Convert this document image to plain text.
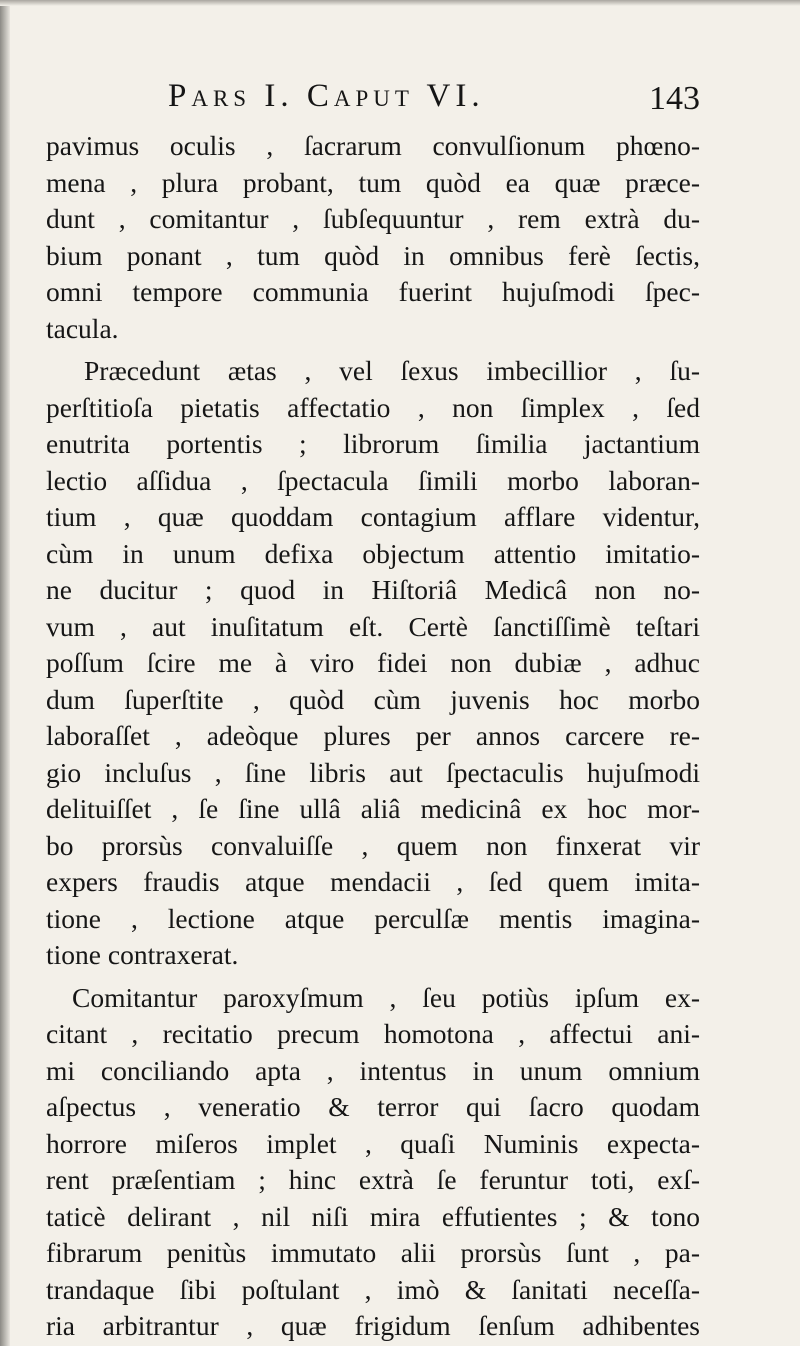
Pars I. Caput VI.	143
pavimus oculis , ſacrarum convulſionum phœno-
mena , plura probant, tum quòd ea quæ præce-
dunt , comitantur , ſubſequuntur , rem extrà du-
bium ponant , tum quòd in omnibus ferè ſectis,
omni tempore communia fuerint hujuſmodi ſpec-
tacula.
Præcedunt ætas , vel ſexus imbecillior , ſu-
perſtitioſa pietatis affectatio , non ſimplex , ſed
enutrita portentis ; librorum ſimilia jactantium
lectio aſſidua , ſpectacula ſimili morbo laboran-
tium , quæ quoddam contagium afflare videntur,
cùm in unum defixa objectum attentio imitatio-
ne ducitur ; quod in Hiſtoriâ Medicâ non no-
vum , aut inuſitatum eſt. Certè ſanctiſſimè teſtari
poſſum ſcire me à viro fidei non dubiæ , adhuc
dum ſuperſtite , quòd cùm juvenis hoc morbo
laboraſſet , adeòque plures per annos carcere re-
gio incluſus , ſine libris aut ſpectaculis hujuſmodi
delituiſſet , ſe ſine ullâ aliâ medicinâ ex hoc mor-
bo prorsùs convaluiſſe , quem non finxerat vir
expers fraudis atque mendacii , ſed quem imita-
tione , lectione atque perculſæ mentis imagina-
tione contraxerat.
Comitantur paroxyſmum , ſeu potiùs ipſum ex-
citant , recitatio precum homotona , affectui ani-
mi conciliando apta , intentus in unum omnium
aſpectus , veneratio & terror qui ſacro quodam
horrore miſeros implet , quaſi Numinis expecta-
rent præſentiam ; hinc extrà ſe feruntur toti, exſ-
taticè delirant , nil niſi mira effutientes ; & tono
fibrarum penitùs immutato alii prorsùs ſunt , pa-
trandaque ſibi poſtulant , imò & ſanitati neceſſa-
ria arbitrantur , quæ frigidum ſenſum adhibentes
